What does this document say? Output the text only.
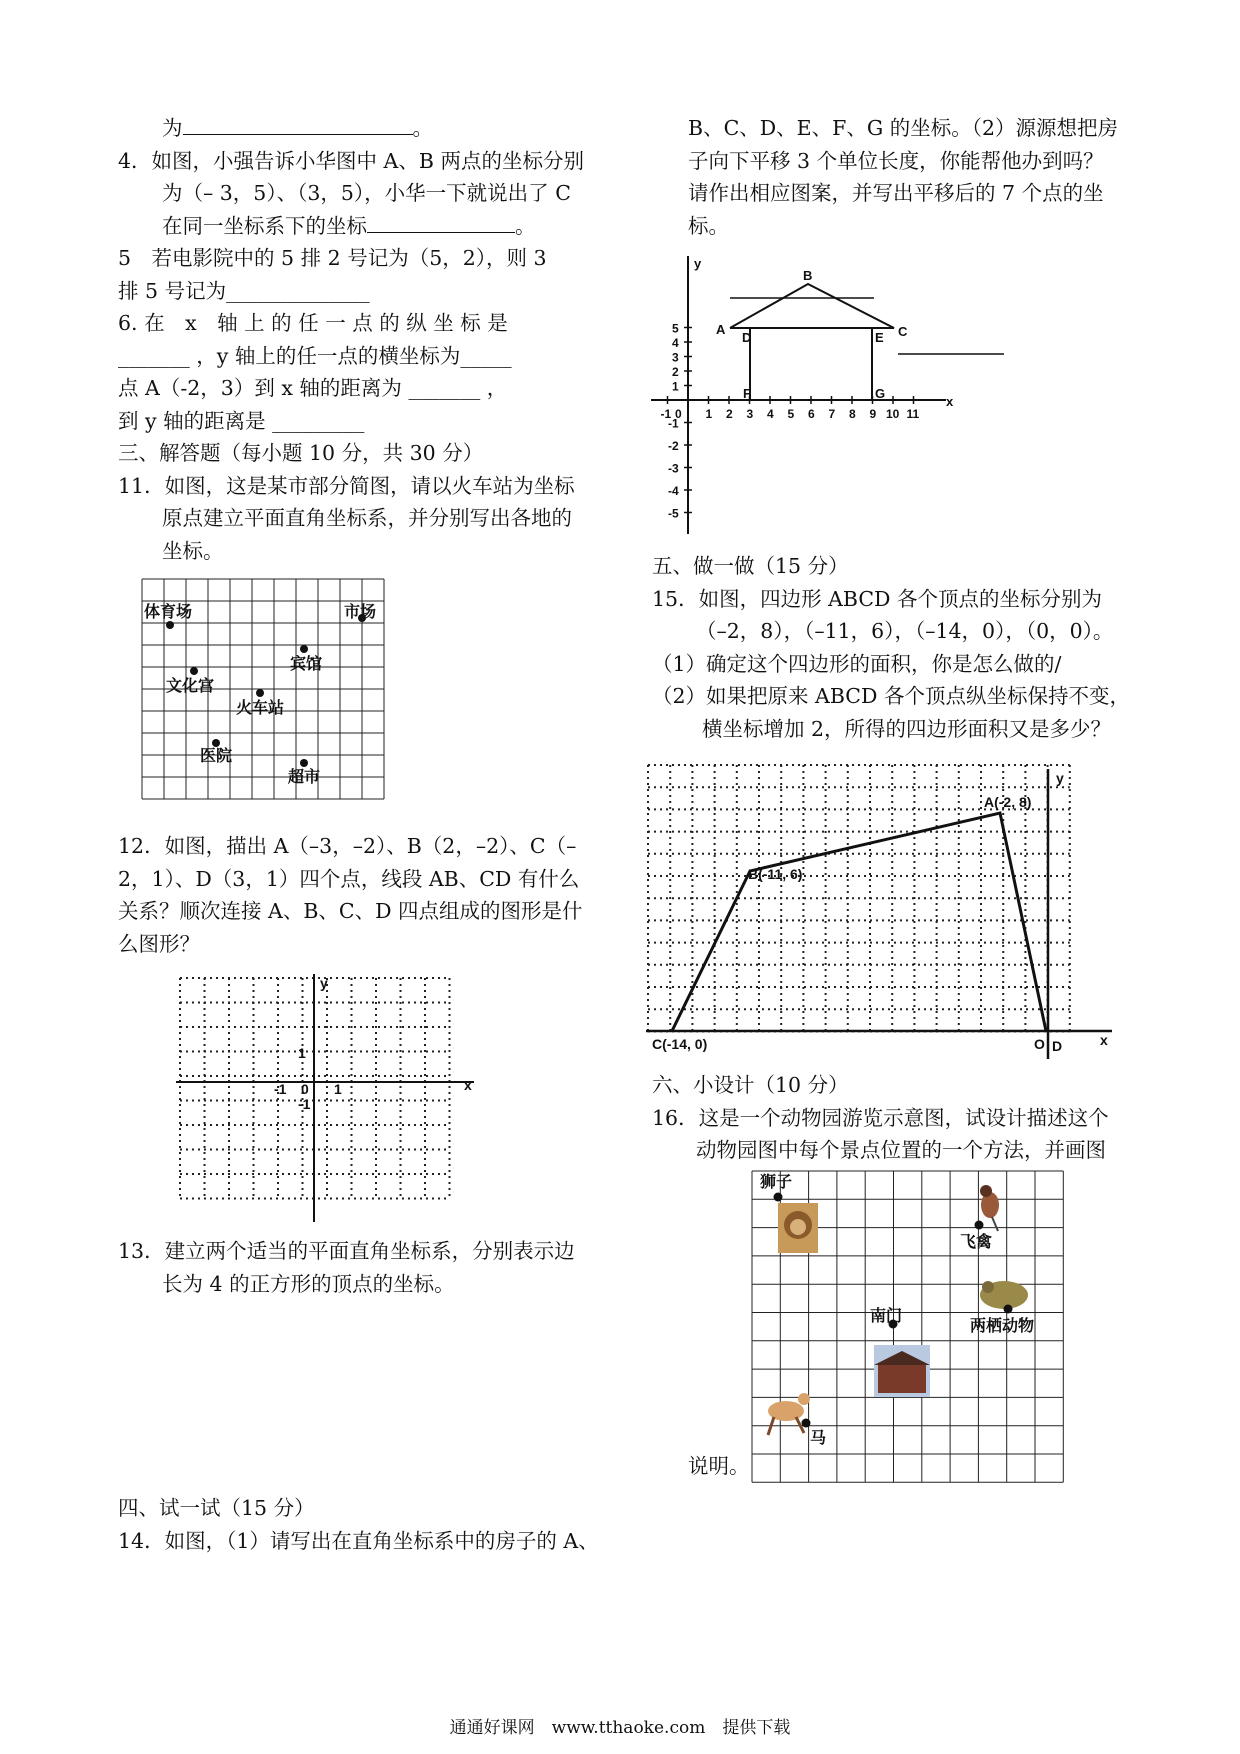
为	。

4．如图，小强告诉小华图中 A、B 两点的坐标分别
为（– 3，5）、（3，5），小华一下就说出了 C
在同一坐标系下的坐标	。

5　若电影院中的 5 排 2 号记为（5，2），则 3
排 5 号记为______________

6. 在　x　轴 上 的 任 一 点 的 纵 坐 标 是
_______ ，y 轴上的任一点的横坐标为_____
点 A（-2，3）到 x 轴的距离为 _______ ，
到 y 轴的距离是 _________

三、解答题（每小题 10 分，共 30 分）

11．如图，这是某市部分简图，请以火车站为坐标
原点建立平面直角坐标系，并分别写出各地的
坐标。

体育场	市场
宾馆
文化宫
火车站
医院
超市

12．如图，描出 A（–3，–2）、B（2，–2）、C（–
2，1）、D（3，1）四个点，线段 AB、CD 有什么
关系？顺次连接 A、B、C、D 四点组成的图形是什
么图形？

y
x
-1 0 1
1
-1

13．建立两个适当的平面直角坐标系，分别表示边
长为 4 的正方形的顶点的坐标。

四、试一试（15 分）

14．如图，（1）请写出在直角坐标系中的房子的 A、

B、C、D、E、F、G 的坐标。（2）源源想把房
子向下平移 3 个单位长度，你能帮他办到吗？
请作出相应图案，并写出平移后的 7 个点的坐
标。

y
x
A
B
C
D	E
F	G
-1 0 1 2 3 4 5 6 7 8 9 10 11
5
4
3
2
1
-1
-2
-3
-4
-5

五、做一做（15 分）

15．如图，四边形 ABCD 各个顶点的坐标分别为
（–2，8），（–11，6），（–14，0），（0，0）。

（1）确定这个四边形的面积，你是怎么做的/

（2）如果把原来 ABCD 各个顶点纵坐标保持不变，
横坐标增加 2，所得的四边形面积又是多少？

A(-2, 8)
B(-11, 6)
C(-14, 0)	D
O	x
y

六、小设计（10 分）

16．这是一个动物园游览示意图，试设计描述这个
动物园图中每个景点位置的一个方法，并画图

说明。

狮子
飞禽
两栖动物
南门
马
通通好课网　www.tthaoke.com　提供下载
